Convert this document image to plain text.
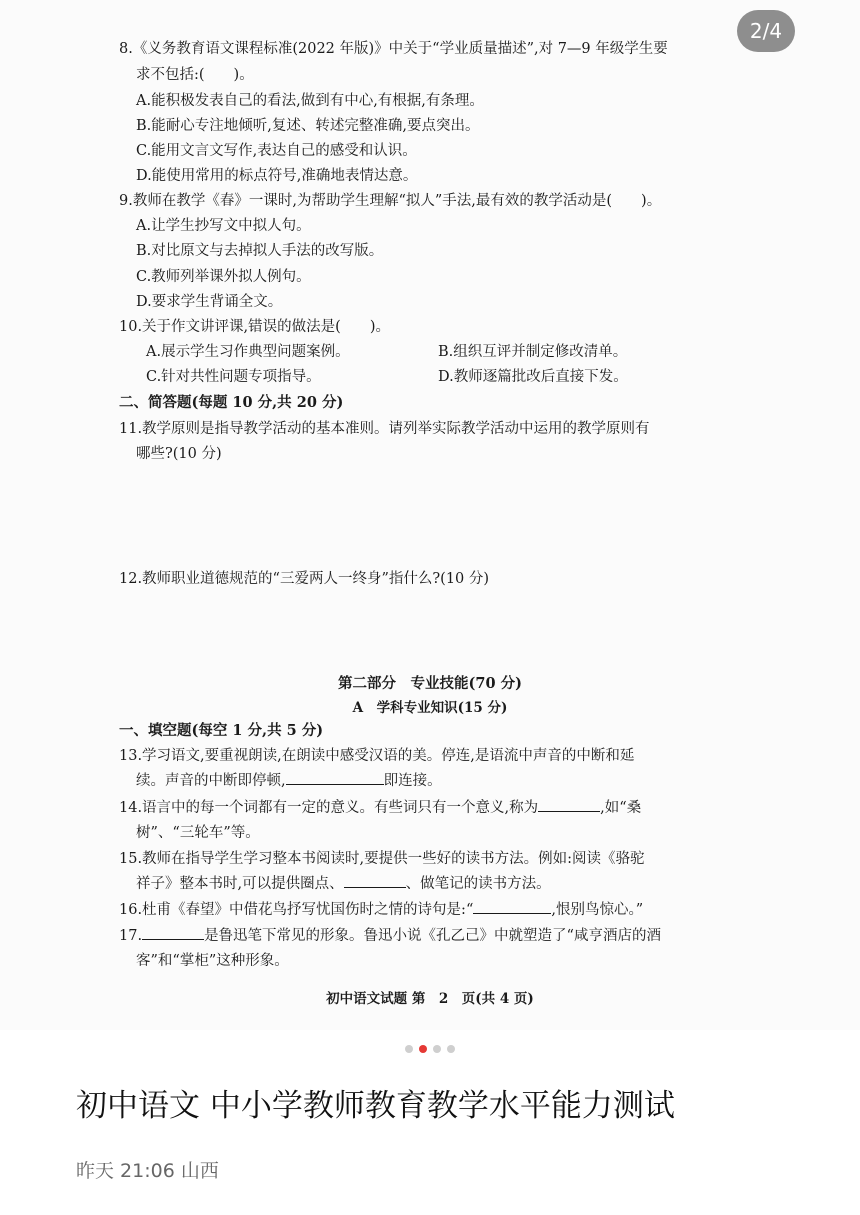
2/4
8.《义务教育语文课程标准(2022 年版)》中关于“学业质量描述”,对 7—9 年级学生要
求不包括:(　　)。
A.能积极发表自己的看法,做到有中心,有根据,有条理。
B.能耐心专注地倾听,复述、转述完整准确,要点突出。
C.能用文言文写作,表达自己的感受和认识。
D.能使用常用的标点符号,准确地表情达意。
9.教师在教学《春》一课时,为帮助学生理解“拟人”手法,最有效的教学活动是(　　)。
A.让学生抄写文中拟人句。
B.对比原文与去掉拟人手法的改写版。
C.教师列举课外拟人例句。
D.要求学生背诵全文。
10.关于作文讲评课,错误的做法是(　　)。
A.展示学生习作典型问题案例。	B.组织互评并制定修改清单。
C.针对共性问题专项指导。	D.教师逐篇批改后直接下发。
二、简答题(每题 10 分,共 20 分)
11.教学原则是指导教学活动的基本准则。请列举实际教学活动中运用的教学原则有
哪些?(10 分)
12.教师职业道德规范的“三爱两人一终身”指什么?(10 分)
第二部分　专业技能(70 分)
A　学科专业知识(15 分)
一、填空题(每空 1 分,共 5 分)
13.学习语文,要重视朗读,在朗读中感受汉语的美。停连,是语流中声音的中断和延
续。声音的中断即停顿,	即连接。
14.语言中的每一个词都有一定的意义。有些词只有一个意义,称为	,如“桑
树”、“三轮车”等。
15.教师在指导学生学习整本书阅读时,要提供一些好的读书方法。例如:阅读《骆驼
祥子》整本书时,可以提供圈点、	、做笔记的读书方法。
16.杜甫《春望》中借花鸟抒写忧国伤时之情的诗句是:“	,恨别鸟惊心。”
17.	是鲁迅笔下常见的形象。鲁迅小说《孔乙己》中就塑造了“咸亨酒店的酒
客”和“掌柜”这种形象。
初中语文试题 第　2　页(共 4 页)
初中语文 中小学教师教育教学水平能力测试
昨天 21:06 山西
